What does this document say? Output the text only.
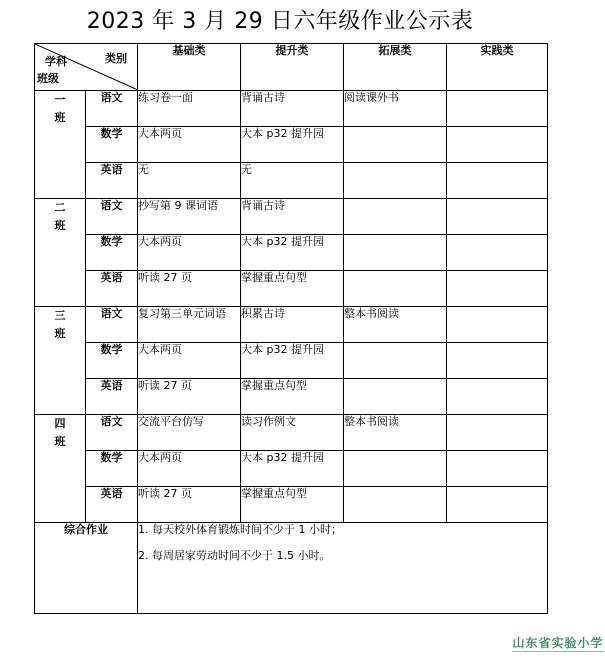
2023 年 3 月 29 日六年级作业公示表
学科 类别
班级		基础类	提升类	拓展类	实践类
一
班	语文	练习卷一面	背诵古诗	阅读课外书	
	数学	大本两页	大本 p32 提升园		
	英语	无	无		
二
班	语文	抄写第 9 课词语	背诵古诗		
	数学	大本两页	大本 p32 提升园		
	英语	听读 27 页	掌握重点句型		
三
班	语文	复习第三单元词语	积累古诗	整本书阅读	
	数学	大本两页	大本 p32 提升园		
	英语	听读 27 页	掌握重点句型		
四
班	语文	交流平台仿写	读习作例文	整本书阅读	
	数学	大本两页	大本 p32 提升园		
	英语	听读 27 页	掌握重点句型		
综合作业		1. 每天校外体育锻炼时间不少于 1 小时；

2. 每周居家劳动时间不少于 1.5 小时。			

山东省实验小学
